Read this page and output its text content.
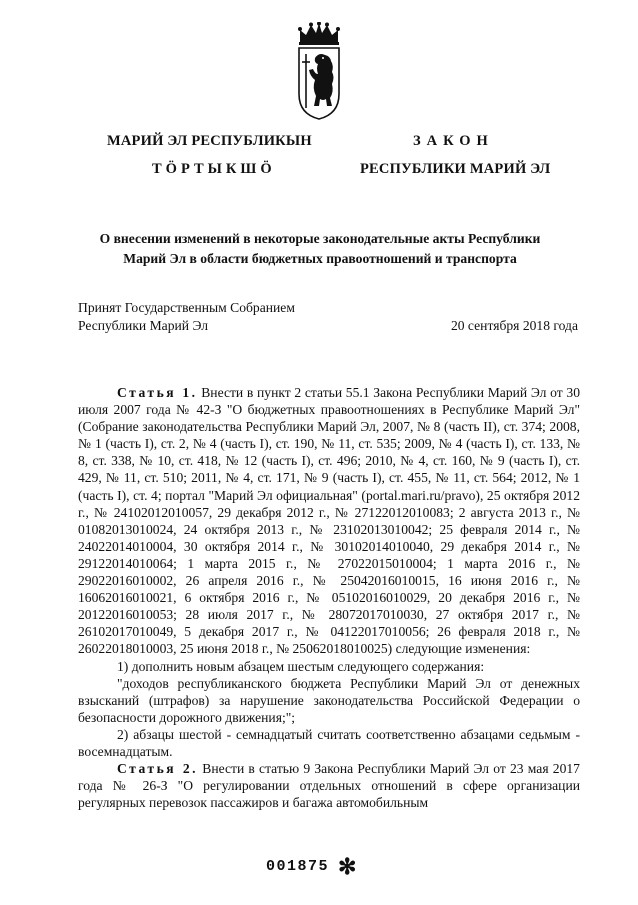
МАРИЙ ЭЛ РЕСПУБЛИКЫН
ТӦРТЫКШӦ
ЗАКОН
РЕСПУБЛИКИ МАРИЙ ЭЛ
О внесении изменений в некоторые законодательные акты Республики
Марий Эл в области бюджетных правоотношений и транспорта
Принят Государственным Собранием
Республики Марий Эл	20 сентября 2018 года

Статья 1. Внести в пункт 2 статьи 55.1 Закона Республики Марий Эл от 30 июля 2007 года № 42-З "О бюджетных правоотношениях в Республике Марий Эл" (Собрание законодательства Республики Марий Эл, 2007, № 8 (часть II), ст. 374; 2008, № 1 (часть I), ст. 2, № 4 (часть I), ст. 190, № 11, ст. 535; 2009, № 4 (часть I), ст. 133, № 8, ст. 338, № 10, ст. 418, № 12 (часть I), ст. 496; 2010, № 4, ст. 160, № 9 (часть I), ст. 429, № 11, ст. 510; 2011, № 4, ст. 171, № 9 (часть I), ст. 455, № 11, ст. 564; 2012, № 1 (часть I), ст. 4; портал "Марий Эл официальная" (portal.mari.ru/pravo), 25 октября 2012 г., № 24102012010057, 29 декабря 2012 г., № 27122012010083; 2 августа 2013 г., № 01082013010024, 24 октября 2013 г., № 23102013010042; 25 февраля 2014 г., № 24022014010004, 30 октября 2014 г., № 30102014010040, 29 декабря 2014 г., № 29122014010064; 1 марта 2015 г., № 27022015010004; 1 марта 2016 г., № 29022016010002, 26 апреля 2016 г., № 25042016010015, 16 июня 2016 г., № 16062016010021, 6 октября 2016 г., № 05102016010029, 20 декабря 2016 г., № 20122016010053; 28 июля 2017 г., № 28072017010030, 27 октября 2017 г., № 26102017010049, 5 декабря 2017 г., № 04122017010056; 26 февраля 2018 г., № 26022018010003, 25 июня 2018 г., № 25062018010025) следующие изменения:

1) дополнить новым абзацем шестым следующего содержания:

"доходов республиканского бюджета Республики Марий Эл от денежных взысканий (штрафов) за нарушение законодательства Российской Федерации о безопасности дорожного движения;";

2) абзацы шестой - семнадцатый считать соответственно абзацами седьмым - восемнадцатым.

Статья 2. Внести в статью 9 Закона Республики Марий Эл от 23 мая 2017 года № 26-З "О регулировании отдельных отношений в сфере организации регулярных перевозок пассажиров и багажа автомобильным

001875 ✻
